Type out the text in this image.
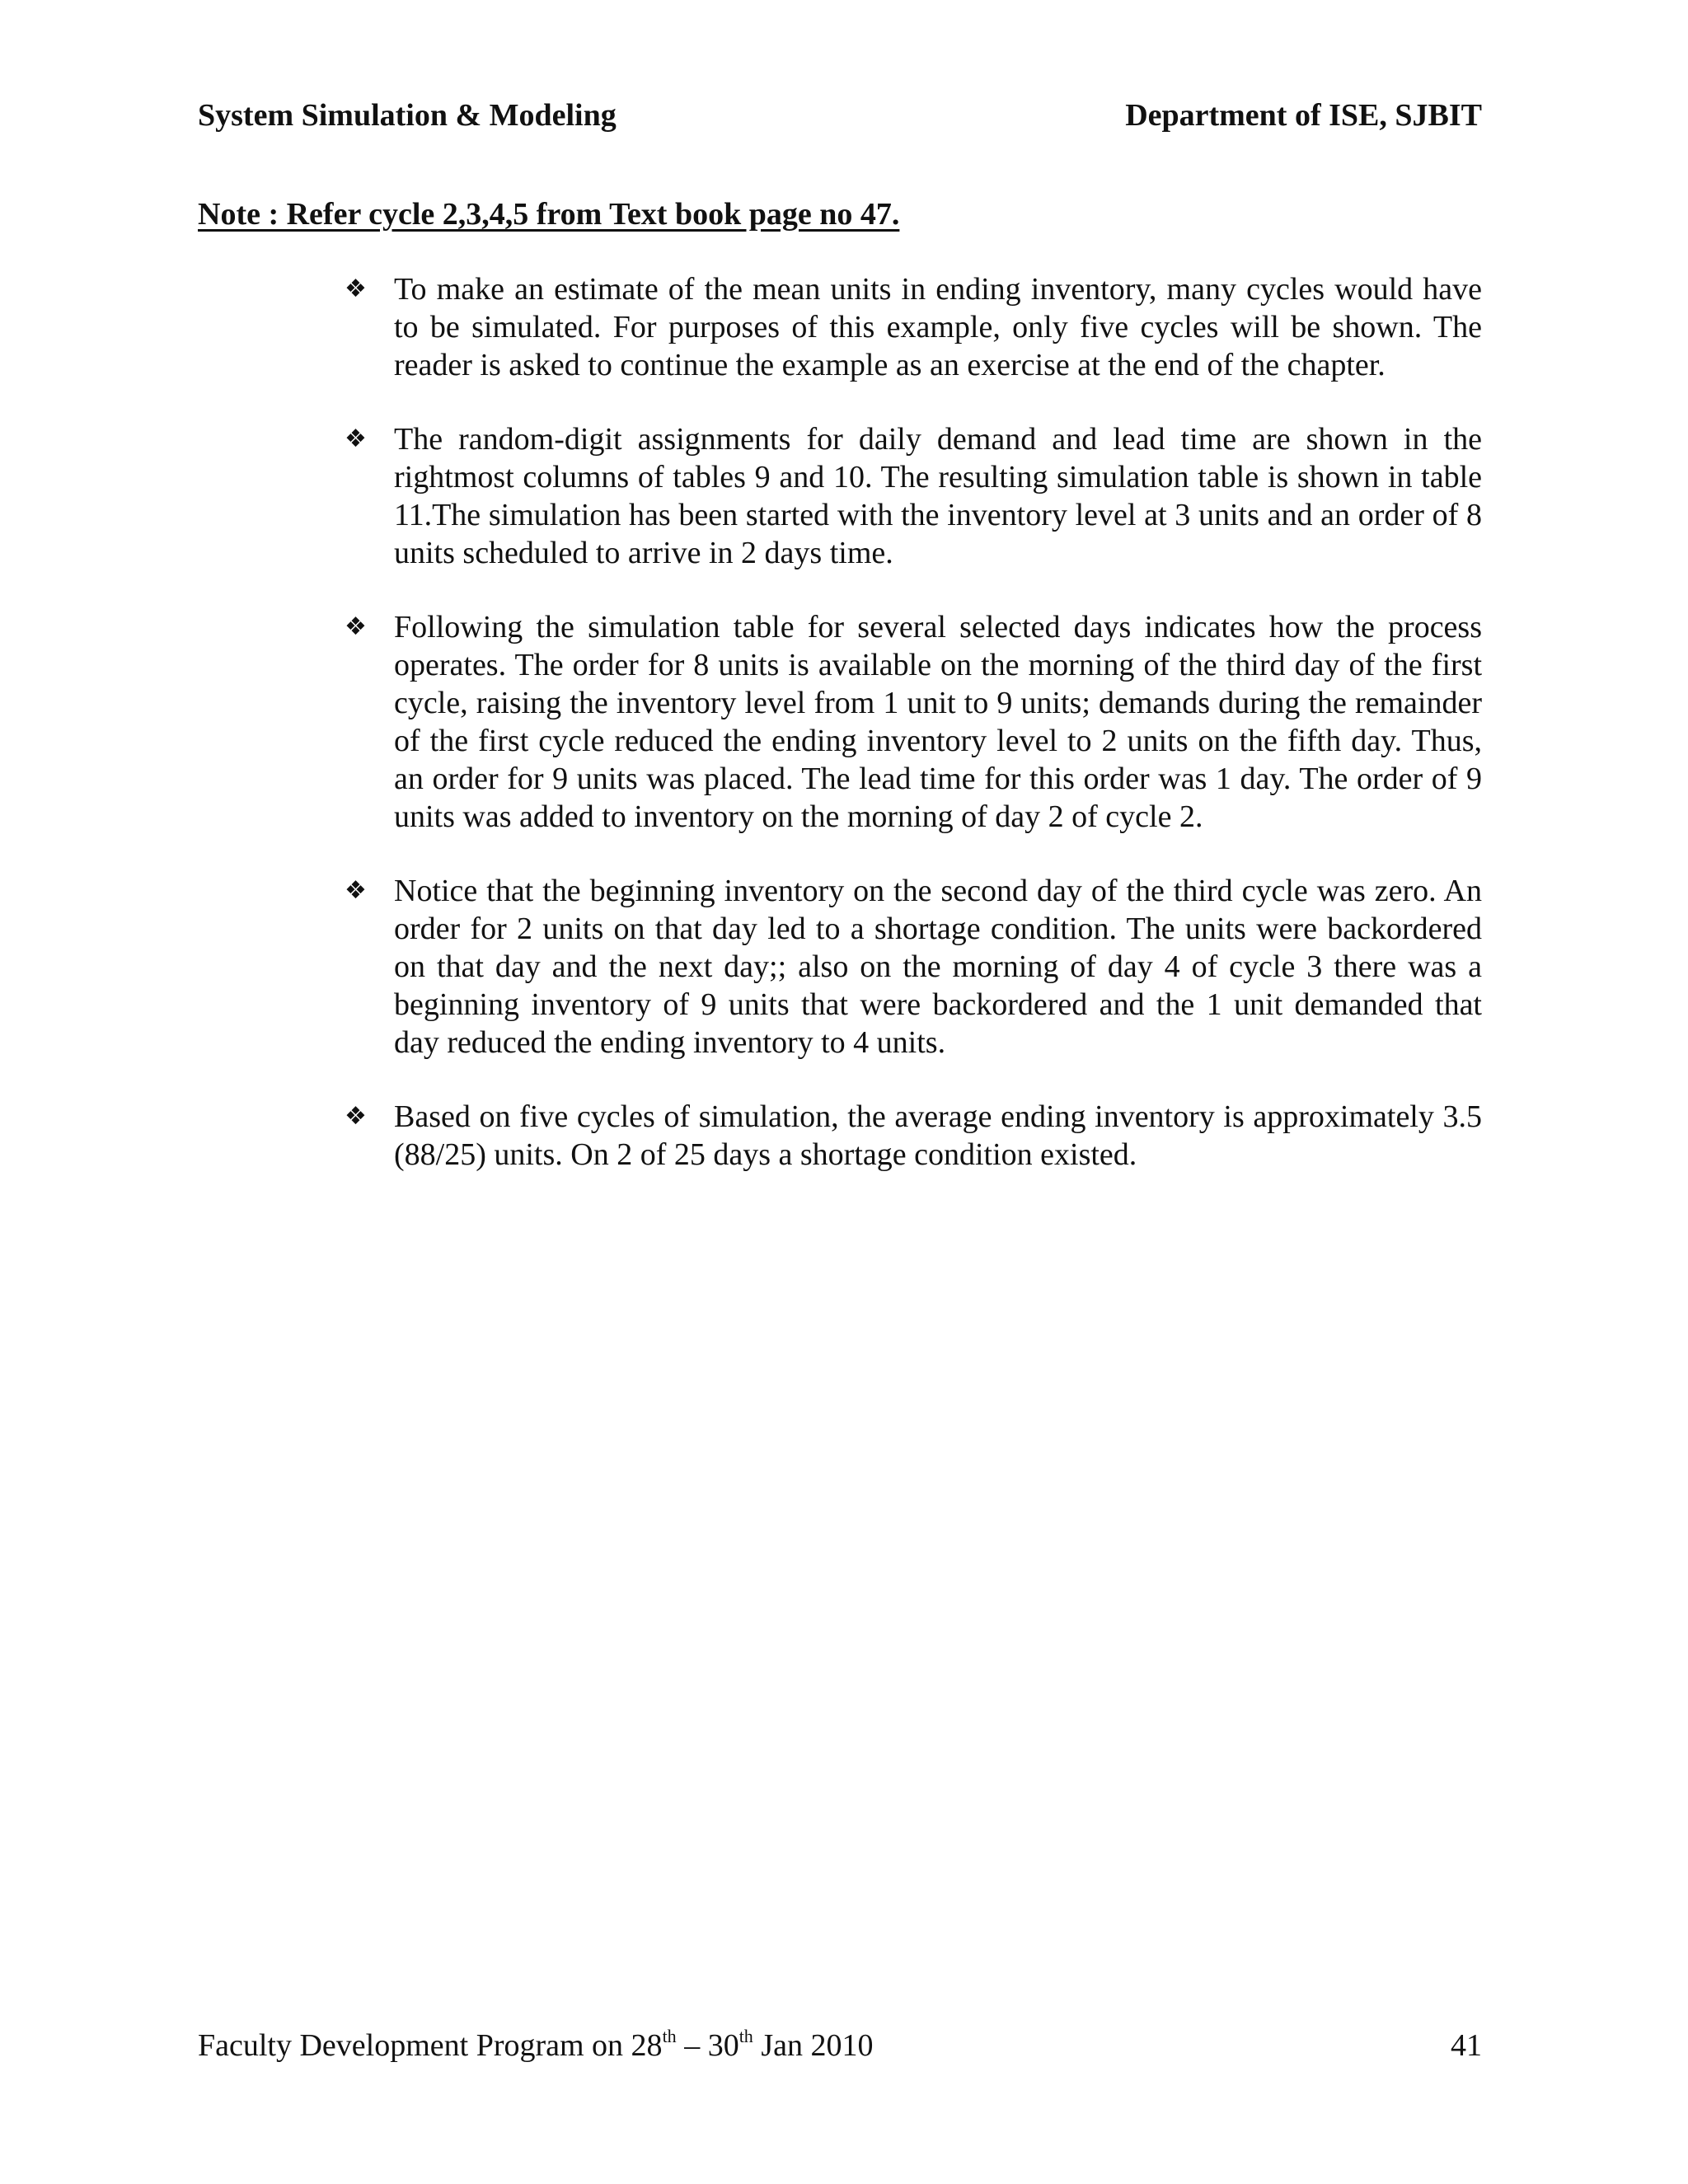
System Simulation & Modeling	Department of ISE, SJBIT
Note : Refer cycle 2,3,4,5 from Text book page no 47.
❖ To make an estimate of the mean units in ending inventory, many cycles would have to be simulated. For purposes of this example, only five cycles will be shown. The reader is asked to continue the example as an exercise at the end of the chapter.
❖ The random-digit assignments for daily demand and lead time are shown in the rightmost columns of tables 9 and 10. The resulting simulation table is shown in table 11.The simulation has been started with the inventory level at 3 units and an order of 8 units scheduled to arrive in 2 days time.
❖ Following the simulation table for several selected days indicates how the process operates. The order for 8 units is available on the morning of the third day of the first cycle, raising the inventory level from 1 unit to 9 units; demands during the remainder of the first cycle reduced the ending inventory level to 2 units on the fifth day. Thus, an order for 9 units was placed. The lead time for this order was 1 day. The order of 9 units was added to inventory on the morning of day 2 of cycle 2.
❖ Notice that the beginning inventory on the second day of the third cycle was zero. An order for 2 units on that day led to a shortage condition. The units were backordered on that day and the next day;; also on the morning of day 4 of cycle 3 there was a beginning inventory of 9 units that were backordered and the 1 unit demanded that day reduced the ending inventory to 4 units.
❖ Based on five cycles of simulation, the average ending inventory is approximately 3.5 (88/25) units. On 2 of 25 days a shortage condition existed.
Faculty Development Program on 28th – 30th Jan 2010	41
